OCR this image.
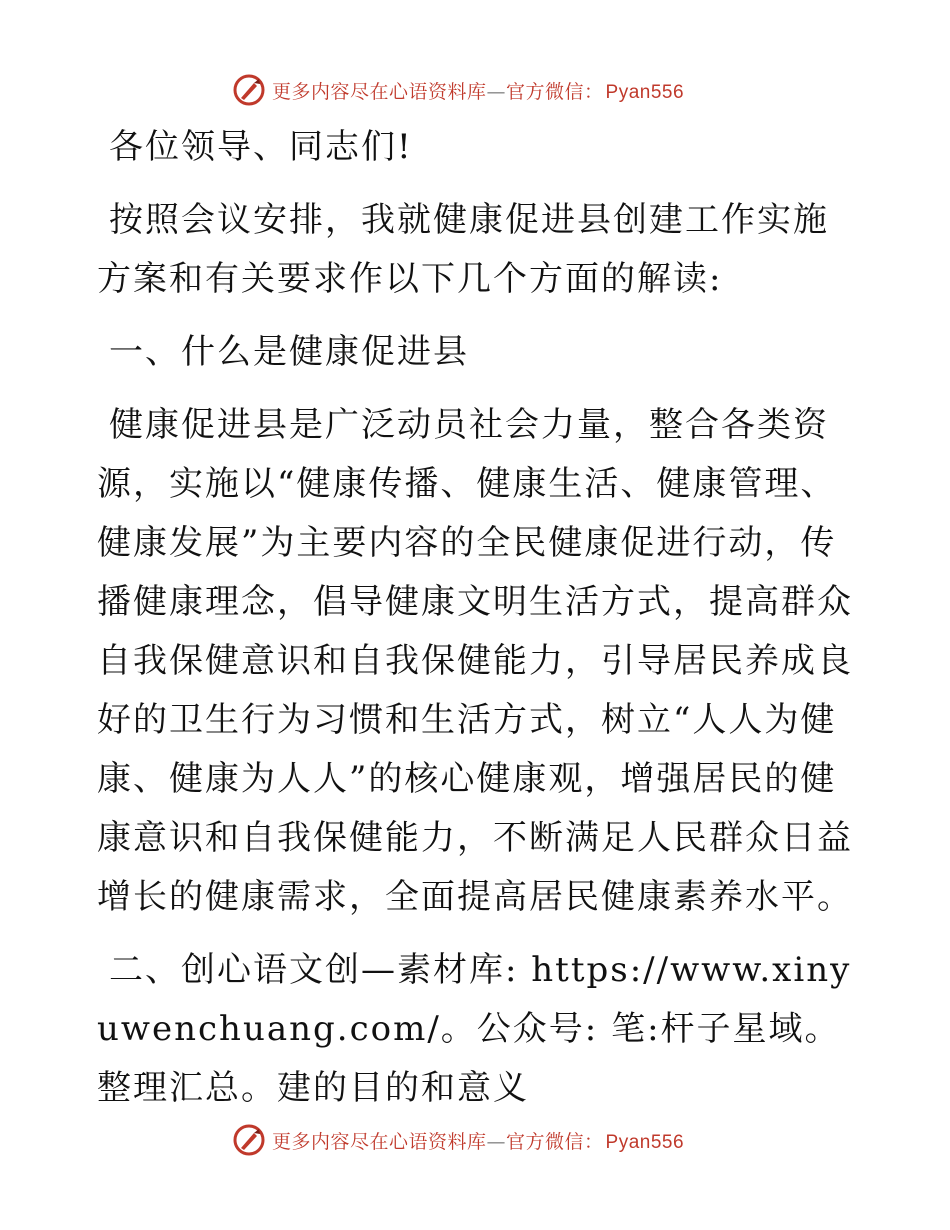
更多内容尽在心语资料库—官方微信： Pyan556

各位领导、同志们!

按照会议安排，我就健康促进县创建工作实施方案和有关要求作以下几个方面的解读:

一、什么是健康促进县

健康促进县是广泛动员社会力量，整合各类资源，实施以“健康传播、健康生活、健康管理、健康发展”为主要内容的全民健康促进行动，传播健康理念，倡导健康文明生活方式，提高群众自我保健意识和自我保健能力，引导居民养成良好的卫生行为习惯和生活方式，树立“人人为健康、健康为人人”的核心健康观，增强居民的健康意识和自我保健能力，不断满足人民群众日益增长的健康需求，全面提高居民健康素养水平。

二、创心语文创—素材库: https://www.xinyuwenchuang.com/。公众号: 笔:杆子星域。整理汇总。建的目的和意义

更多内容尽在心语资料库—官方微信： Pyan556
